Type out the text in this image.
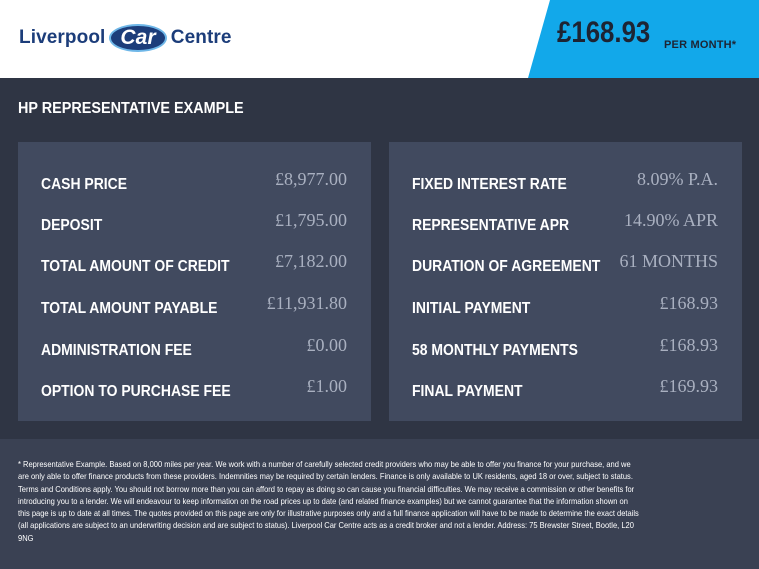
Liverpool Car Centre	£168.93 PER MONTH*
HP REPRESENTATIVE EXAMPLE
CASH PRICE	£8,977.00
DEPOSIT	£1,795.00
TOTAL AMOUNT OF CREDIT	£7,182.00
TOTAL AMOUNT PAYABLE	£11,931.80
ADMINISTRATION FEE	£0.00
OPTION TO PURCHASE FEE	£1.00
FIXED INTEREST RATE	8.09% P.A.
REPRESENTATIVE APR	14.90% APR
DURATION OF AGREEMENT 61 MONTHS
INITIAL PAYMENT	£168.93
58 MONTHLY PAYMENTS	£168.93
FINAL PAYMENT	£169.93

* Representative Example. Based on 8,000 miles per year. We work with a number of carefully selected credit providers who may be able to offer you finance for your purchase, and we are only able to offer finance products from these providers. Indemnities may be required by certain lenders. Finance is only available to UK residents, aged 18 or over, subject to status. Terms and Conditions apply. You should not borrow more than you can afford to repay as doing so can cause you financial difficulties. We may receive a commission or other benefits for introducing you to a lender. We will endeavour to keep information on the road prices up to date (and related finance examples) but we cannot guarantee that the information shown on this page is up to date at all times. The quotes provided on this page are only for illustrative purposes only and a full finance application will have to be made to determine the exact details (all applications are subject to an underwriting decision and are subject to status). Liverpool Car Centre acts as a credit broker and not a lender. Address: 75 Brewster Street, Bootle, L20 9NG
